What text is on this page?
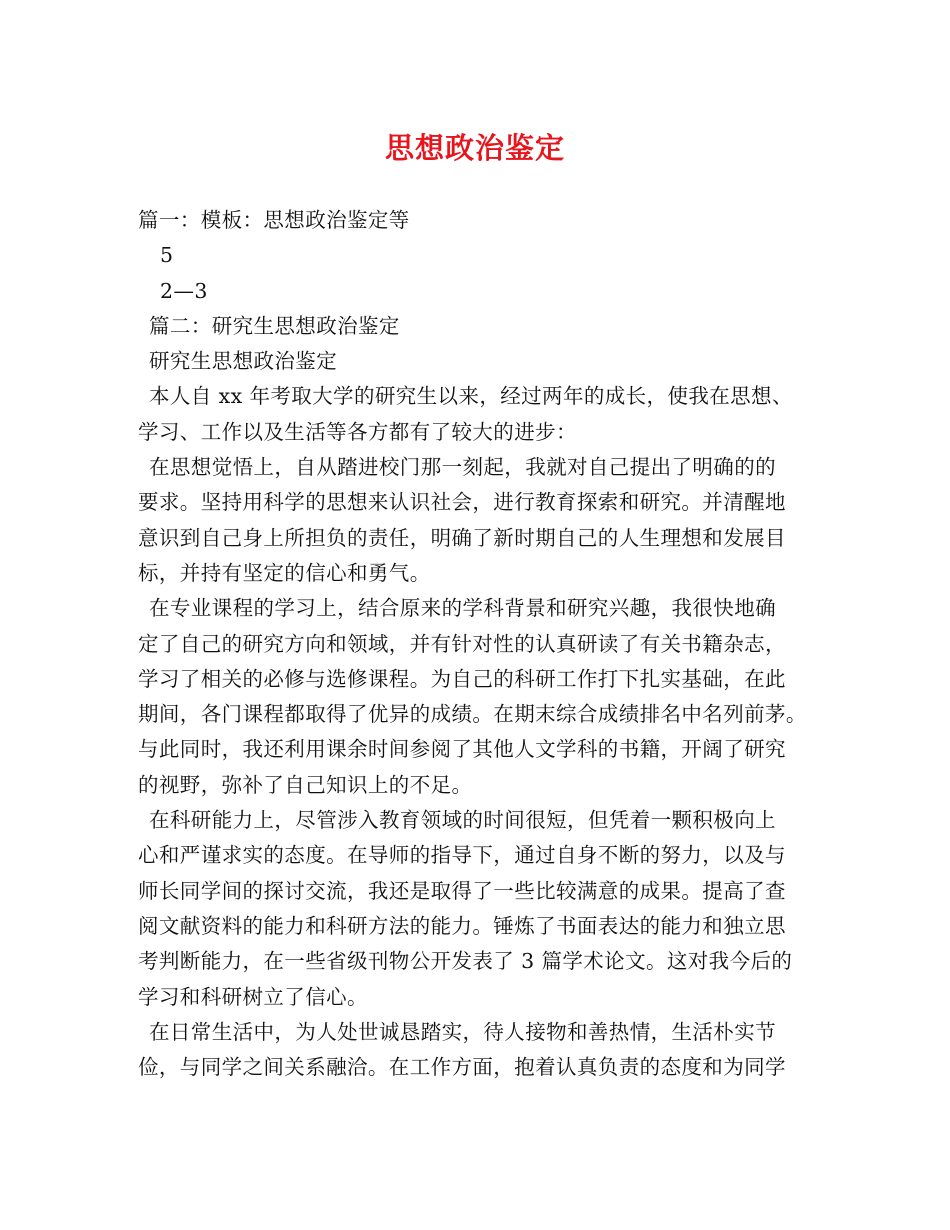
思想政治鉴定
篇一：模板：思想政治鉴定等
5
2—3
篇二：研究生思想政治鉴定
研究生思想政治鉴定
本人自 xx 年考取大学的研究生以来，经过两年的成长，使我在思想、
学习、工作以及生活等各方都有了较大的进步：
在思想觉悟上，自从踏进校门那一刻起，我就对自己提出了明确的的
要求。坚持用科学的思想来认识社会，进行教育探索和研究。并清醒地
意识到自己身上所担负的责任，明确了新时期自己的人生理想和发展目
标，并持有坚定的信心和勇气。
在专业课程的学习上，结合原来的学科背景和研究兴趣，我很快地确
定了自己的研究方向和领域，并有针对性的认真研读了有关书籍杂志，
学习了相关的必修与选修课程。为自己的科研工作打下扎实基础，在此
期间，各门课程都取得了优异的成绩。在期末综合成绩排名中名列前茅。
与此同时，我还利用课余时间参阅了其他人文学科的书籍，开阔了研究
的视野，弥补了自己知识上的不足。
在科研能力上，尽管涉入教育领域的时间很短，但凭着一颗积极向上
心和严谨求实的态度。在导师的指导下，通过自身不断的努力，以及与
师长同学间的探讨交流，我还是取得了一些比较满意的成果。提高了查
阅文献资料的能力和科研方法的能力。锤炼了书面表达的能力和独立思
考判断能力，在一些省级刊物公开发表了 3 篇学术论文。这对我今后的
学习和科研树立了信心。
在日常生活中，为人处世诚恳踏实，待人接物和善热情，生活朴实节
俭，与同学之间关系融洽。在工作方面，抱着认真负责的态度和为同学
